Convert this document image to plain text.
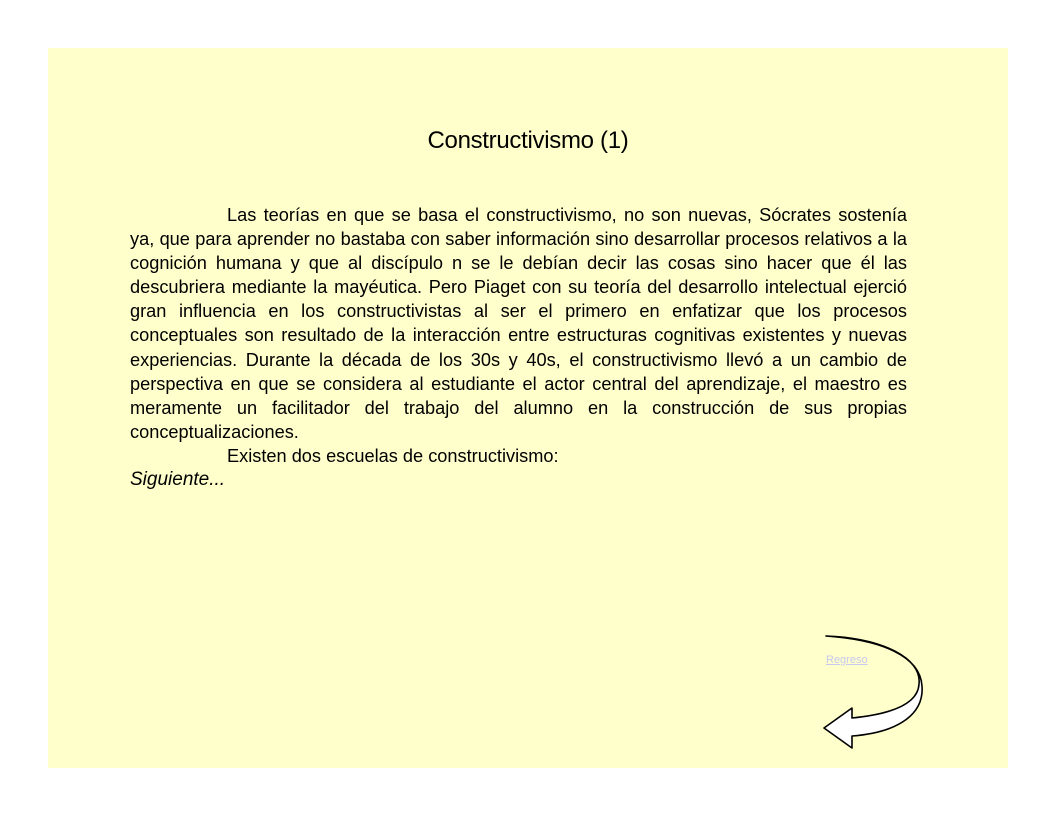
Constructivismo (1)

Las teorías en que se basa el constructivismo, no son nuevas, Sócrates sostenía ya, que para aprender no bastaba con saber información sino desarrollar procesos relativos a la cognición humana y que al discípulo n se le debían decir las cosas sino hacer que él las descubriera mediante la mayéutica. Pero Piaget con su teoría del desarrollo intelectual ejerció gran influencia en los constructivistas al ser el primero en enfatizar que los procesos conceptuales son resultado de la interacción entre estructuras cognitivas existentes y nuevas experiencias. Durante la década de los 30s y 40s, el constructivismo llevó a un cambio de perspectiva en que se considera al estudiante el actor central del aprendizaje, el maestro es meramente un facilitador del trabajo del alumno en la construcción de sus propias conceptualizaciones.

Existen dos escuelas de constructivismo:

Siguiente...

Regreso
